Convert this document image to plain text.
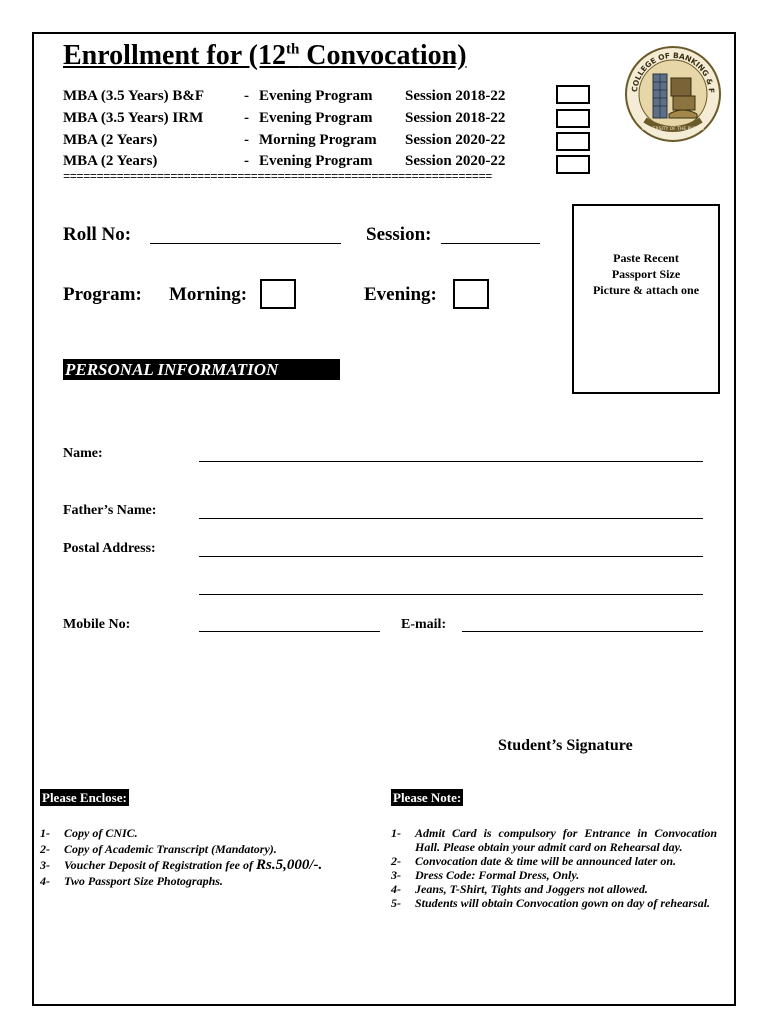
Enrollment for (12th Convocation)
MBA (3.5 Years) B&F	- Evening Program Session 2018-22
MBA (3.5 Years) IRM	- Evening Program Session 2018-22
MBA (2 Years)	- Morning Program Session 2020-22
MBA (2 Years)	- Evening Program Session 2020-22
================================================================
COLLEGE OF BANKING & F
UNIVERSITY OF THE PUNJAB
Paste Recent
Passport Size
Picture & attach one
Roll No:	Session:
Program: Morning:	Evening:
PERSONAL INFORMATION
Name:
Father’s Name:
Postal Address:
Mobile No:	E-mail:
Student’s Signature
Please Enclose:
1- Copy of CNIC.
2- Copy of Academic Transcript (Mandatory).
3- Voucher Deposit of Registration fee of Rs.5,000/-.
4- Two Passport Size Photographs.
Please Note:
1- Admit Card is compulsory for Entrance in Convocation Hall. Please obtain your admit card on Rehearsal day.
2- Convocation date & time will be announced later on.
3- Dress Code: Formal Dress, Only.
4- Jeans, T-Shirt, Tights and Joggers not allowed.
5- Students will obtain Convocation gown on day of rehearsal.
